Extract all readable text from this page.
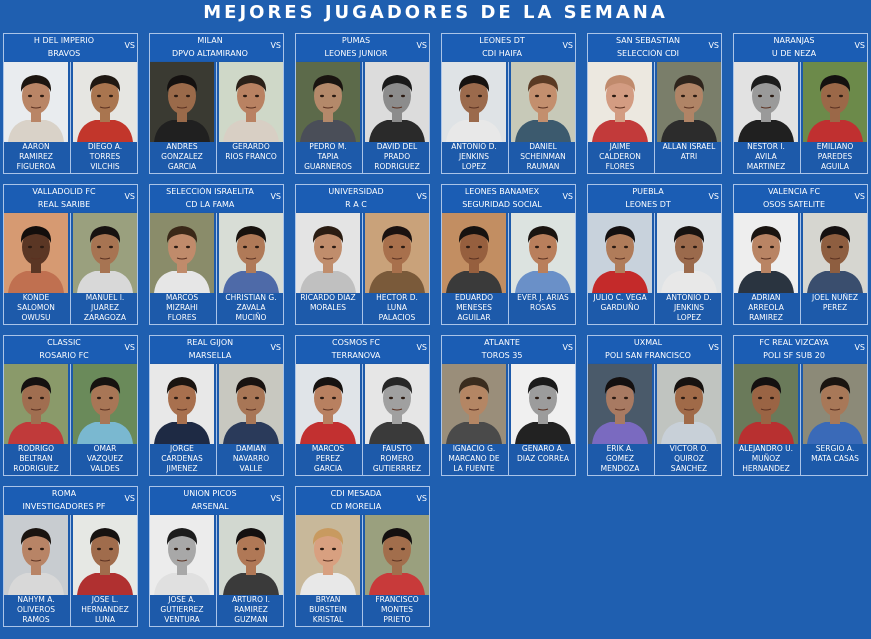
MEJORES JUGADORES DE LA SEMANA
H DEL IMPERIO
BRAVOS
VS
AARON
RAMIREZ
FIGUEROA
DIEGO A.
TORRES
VILCHIS
MILAN
DPVO ALTAMIRANO
VS
ANDRES
GONZALEZ
GARCIA
GERARDO
RIOS FRANCO
PUMAS
LEONES JUNIOR
VS
PEDRO M.
TAPIA
GUARNEROS
DAVID DEL
PRADO
RODRIGUEZ
LEONES DT
CDI HAIFA
VS
ANTONIO D.
JENKINS
LOPEZ
DANIEL
SCHEINMAN
RAUMAN
SAN SEBASTIAN
SELECCIÓN CDI
VS
JAIME
CALDERON
FLORES
ALLAN ISRAEL
ATRI
NARANJAS
U DE NEZA
VS
NESTOR I.
AVILA
MARTINEZ
EMILIANO
PAREDES
AGUILA
VALLADOLID FC
REAL SARIBE
VS
KONDE
SALOMON
OWUSU
MANUEL I.
JUAREZ
ZARAGOZA
SELECCIÓN ISRAELITA
CD LA FAMA
VS
MARCOS
MIZRAHI
FLORES
CHRISTIAN G.
ZAVALA
MUCIÑO
UNIVERSIDAD
R A C
VS
RICARDO DIAZ
MORALES
HECTOR D.
LUNA
PALACIOS
LEONES BANAMEX
SEGURIDAD SOCIAL
VS
EDUARDO
MENESES
AGUILAR
EVER J. ARIAS
ROSAS
PUEBLA
LEONES DT
VS
JULIO C. VEGA
GARDUÑO
ANTONIO D.
JENKINS
LOPEZ
VALENCIA FC
OSOS SATELITE
VS
ADRIAN
ARREOLA
RAMIREZ
JOEL NUÑEZ
PEREZ
CLASSIC
ROSARIO FC
VS
RODRIGO
BELTRAN
RODRIGUEZ
OMAR
VAZQUEZ
VALDES
REAL GIJON
MARSELLA
VS
JORGE
CARDENAS
JIMENEZ
DAMIAN
NAVARRO
VALLE
COSMOS FC
TERRANOVA
VS
MARCOS
PEREZ
GARCIA
FAUSTO
ROMERO
GUTIERRREZ
ATLANTE
TOROS 35
VS
IGNACIO G.
MARCANO DE
LA FUENTE
GENARO A.
DIAZ CORREA
UXMAL
POLI SAN FRANCISCO
VS
ERIK A.
GOMEZ
MENDOZA
VICTOR O.
QUIROZ
SANCHEZ
FC REAL VIZCAYA
POLI SF SUB 20
VS
ALEJANDRO U.
MUÑOZ
HERNANDEZ
SERGIO A.
MATA CASAS
ROMA
INVESTIGADORES PF
VS
NAHYM A.
OLIVEROS
RAMOS
JOSE L.
HERNANDEZ
LUNA
UNION PICOS
ARSENAL
VS
JOSE A.
GUTIERREZ
VENTURA
ARTURO I.
RAMIREZ
GUZMAN
CDI MESADA
CD MORELIA
VS
BRYAN
BURSTEIN
KRISTAL
FRANCISCO
MONTES
PRIETO
